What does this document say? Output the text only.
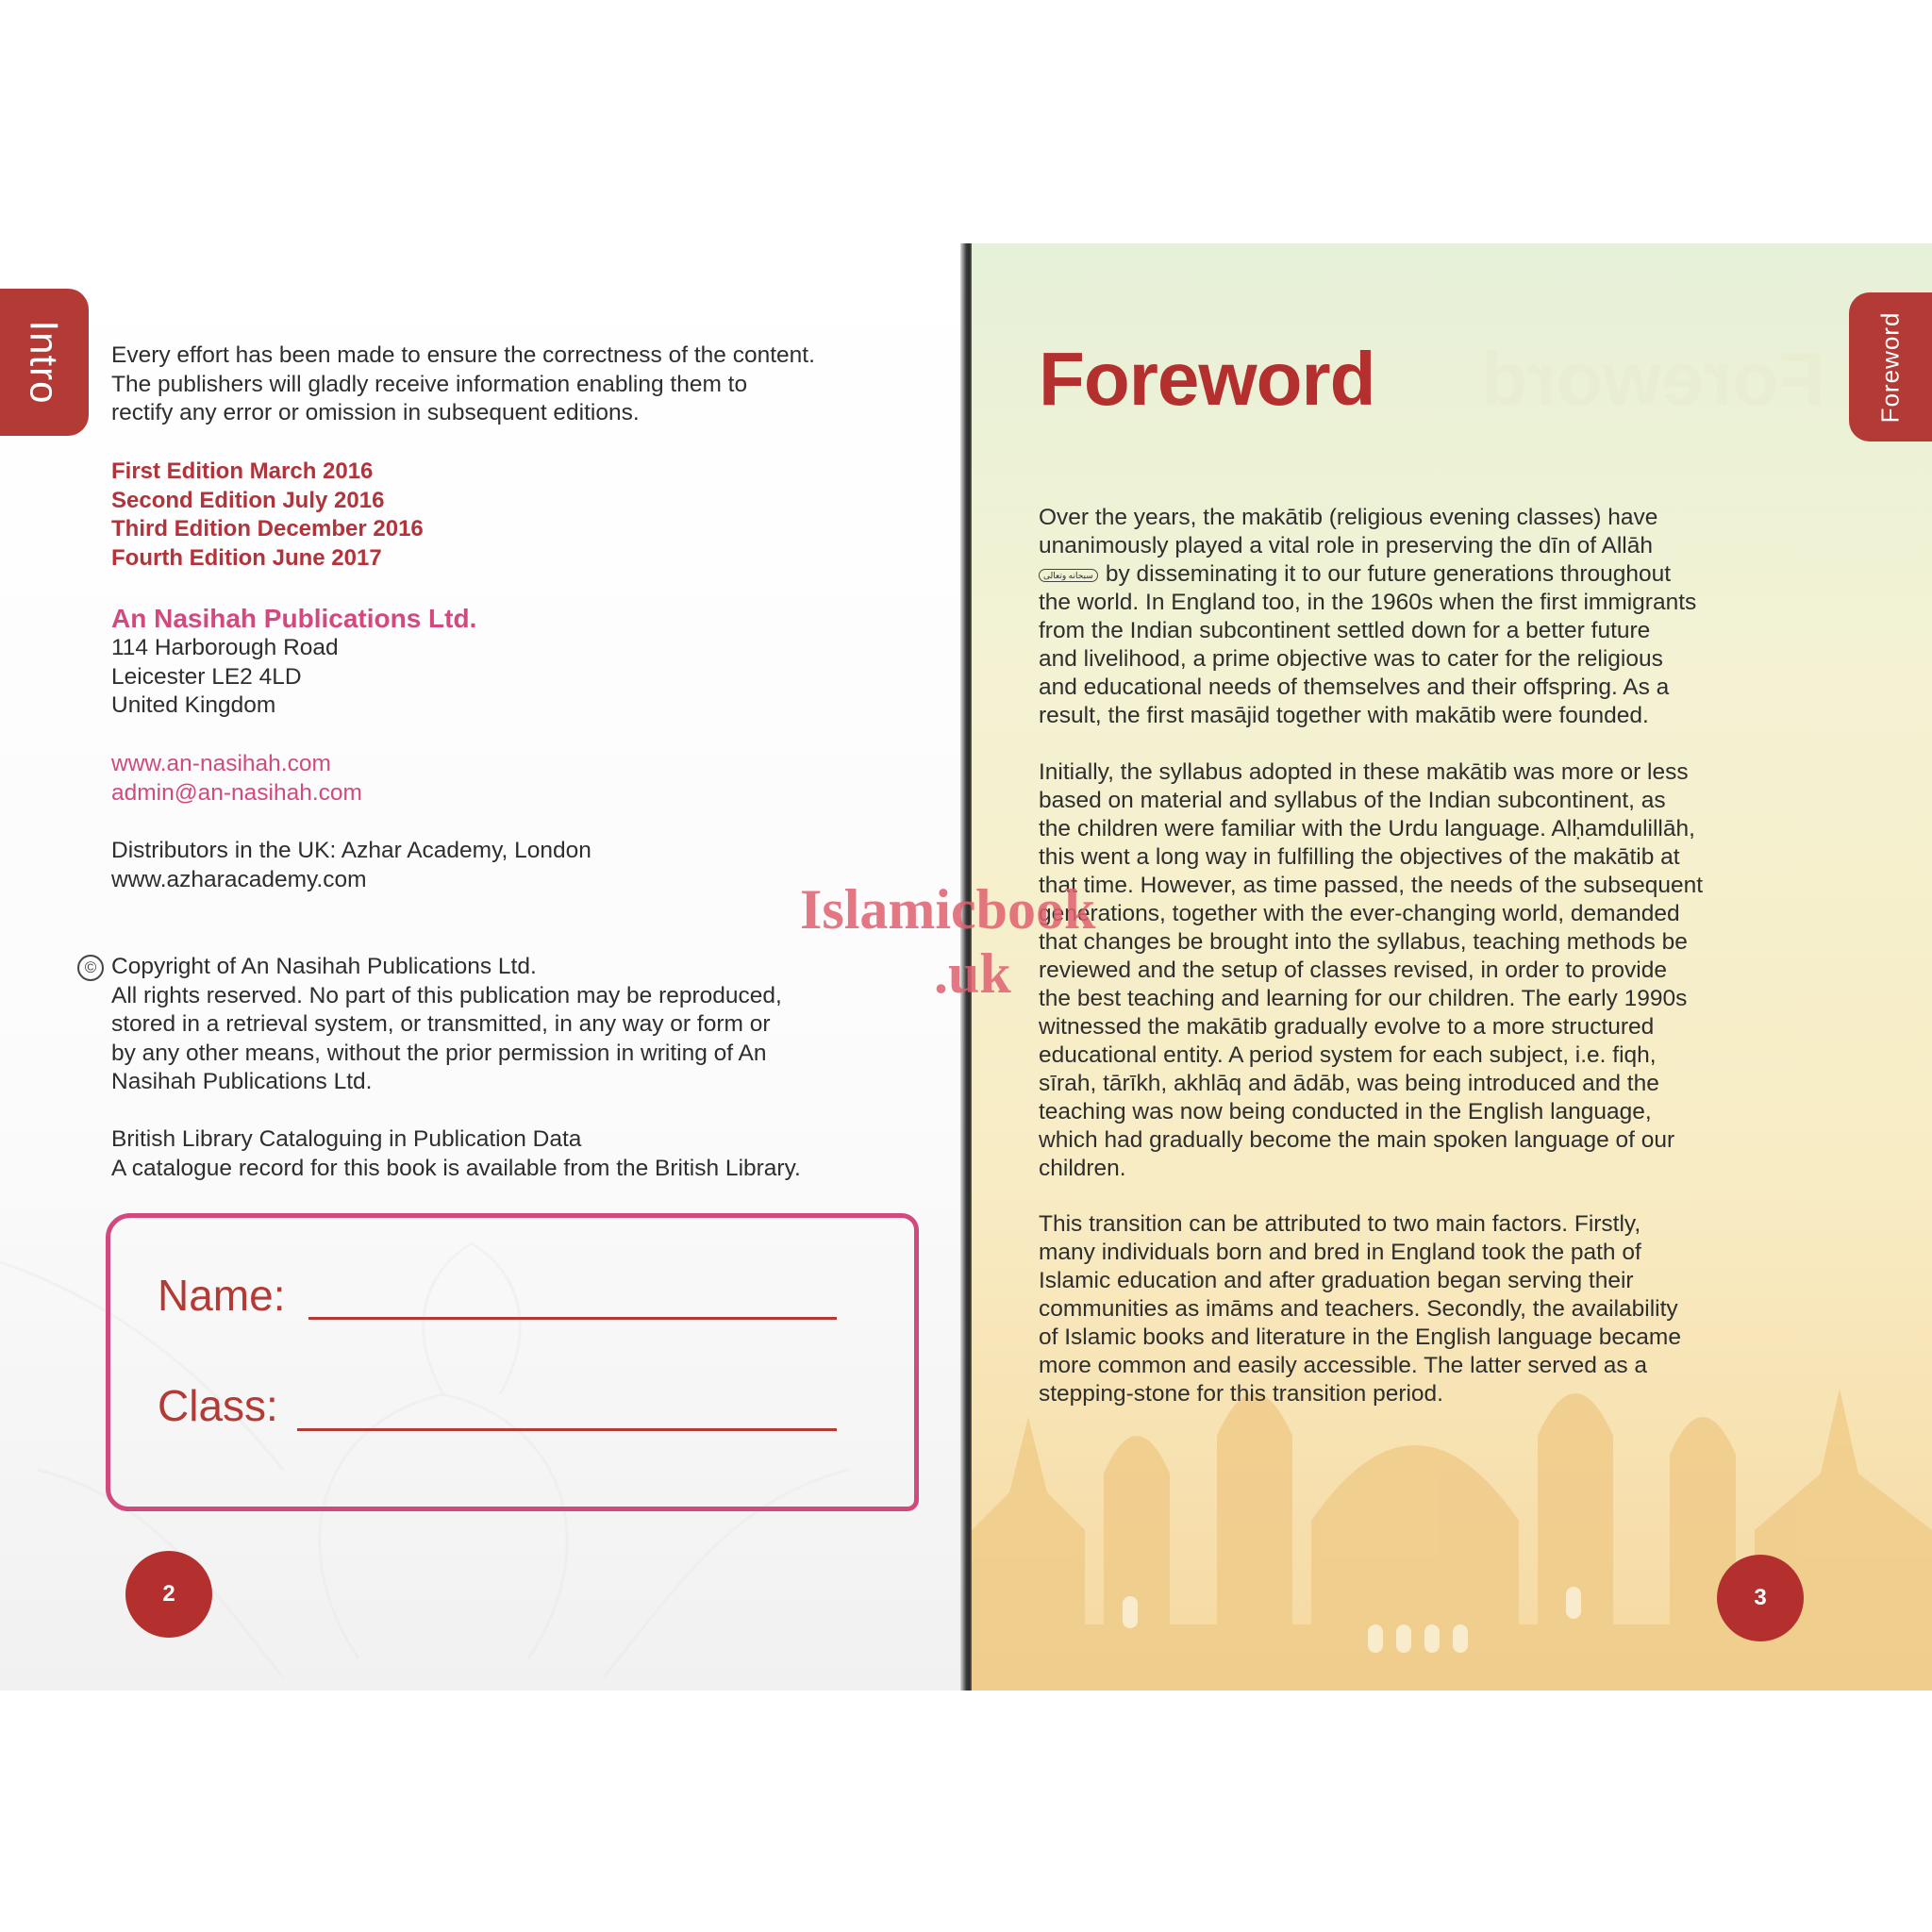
Intro Every effort has been made to ensure the correctness of the content.
The publishers will gladly receive information enabling them to
rectify any error or omission in subsequent editions.
First Edition March 2016
Second Edition July 2016
Third Edition December 2016
Fourth Edition June 2017
An Nasihah Publications Ltd.
114 Harborough Road
Leicester LE2 4LD
United Kingdom
www.an-nasihah.com
admin@an-nasihah.com
Distributors in the UK: Azhar Academy, London
www.azharacademy.com
© Copyright of An Nasihah Publications Ltd.
All rights reserved. No part of this publication may be reproduced,
stored in a retrieval system, or transmitted, in any way or form or
by any other means, without the prior permission in writing of An
Nasihah Publications Ltd.
British Library Cataloguing in Publication Data
A catalogue record for this book is available from the British Library.
Name:
Class:
2
Foreword
Foreword	Foreword
Over the years, the makātib (religious evening classes) have
unanimously played a vital role in preserving the dīn of Allāh
سبحانه وتعالى by disseminating it to our future generations throughout
the world. In England too, in the 1960s when the first immigrants
from the Indian subcontinent settled down for a better future
and livelihood, a prime objective was to cater for the religious
and educational needs of themselves and their offspring. As a
result, the first masājid together with makātib were founded.
Initially, the syllabus adopted in these makātib was more or less
based on material and syllabus of the Indian subcontinent, as
the children were familiar with the Urdu language. Alḥamdulillāh,
this went a long way in fulfilling the objectives of the makātib at
that time. However, as time passed, the needs of the subsequent
generations, together with the ever-changing world, demanded
that changes be brought into the syllabus, teaching methods be
reviewed and the setup of classes revised, in order to provide
the best teaching and learning for our children. The early 1990s
witnessed the makātib gradually evolve to a more structured
educational entity. A period system for each subject, i.e. fiqh,
sīrah, tārīkh, akhlāq and ādāb, was being introduced and the
teaching was now being conducted in the English language,
which had gradually become the main spoken language of our
children.
This transition can be attributed to two main factors. Firstly,
many individuals born and bred in England took the path of
Islamic education and after graduation began serving their
communities as imāms and teachers. Secondly, the availability
of Islamic books and literature in the English language became
more common and easily accessible. The latter served as a
stepping-stone for this transition period.
3
Islamicbook
.uk
